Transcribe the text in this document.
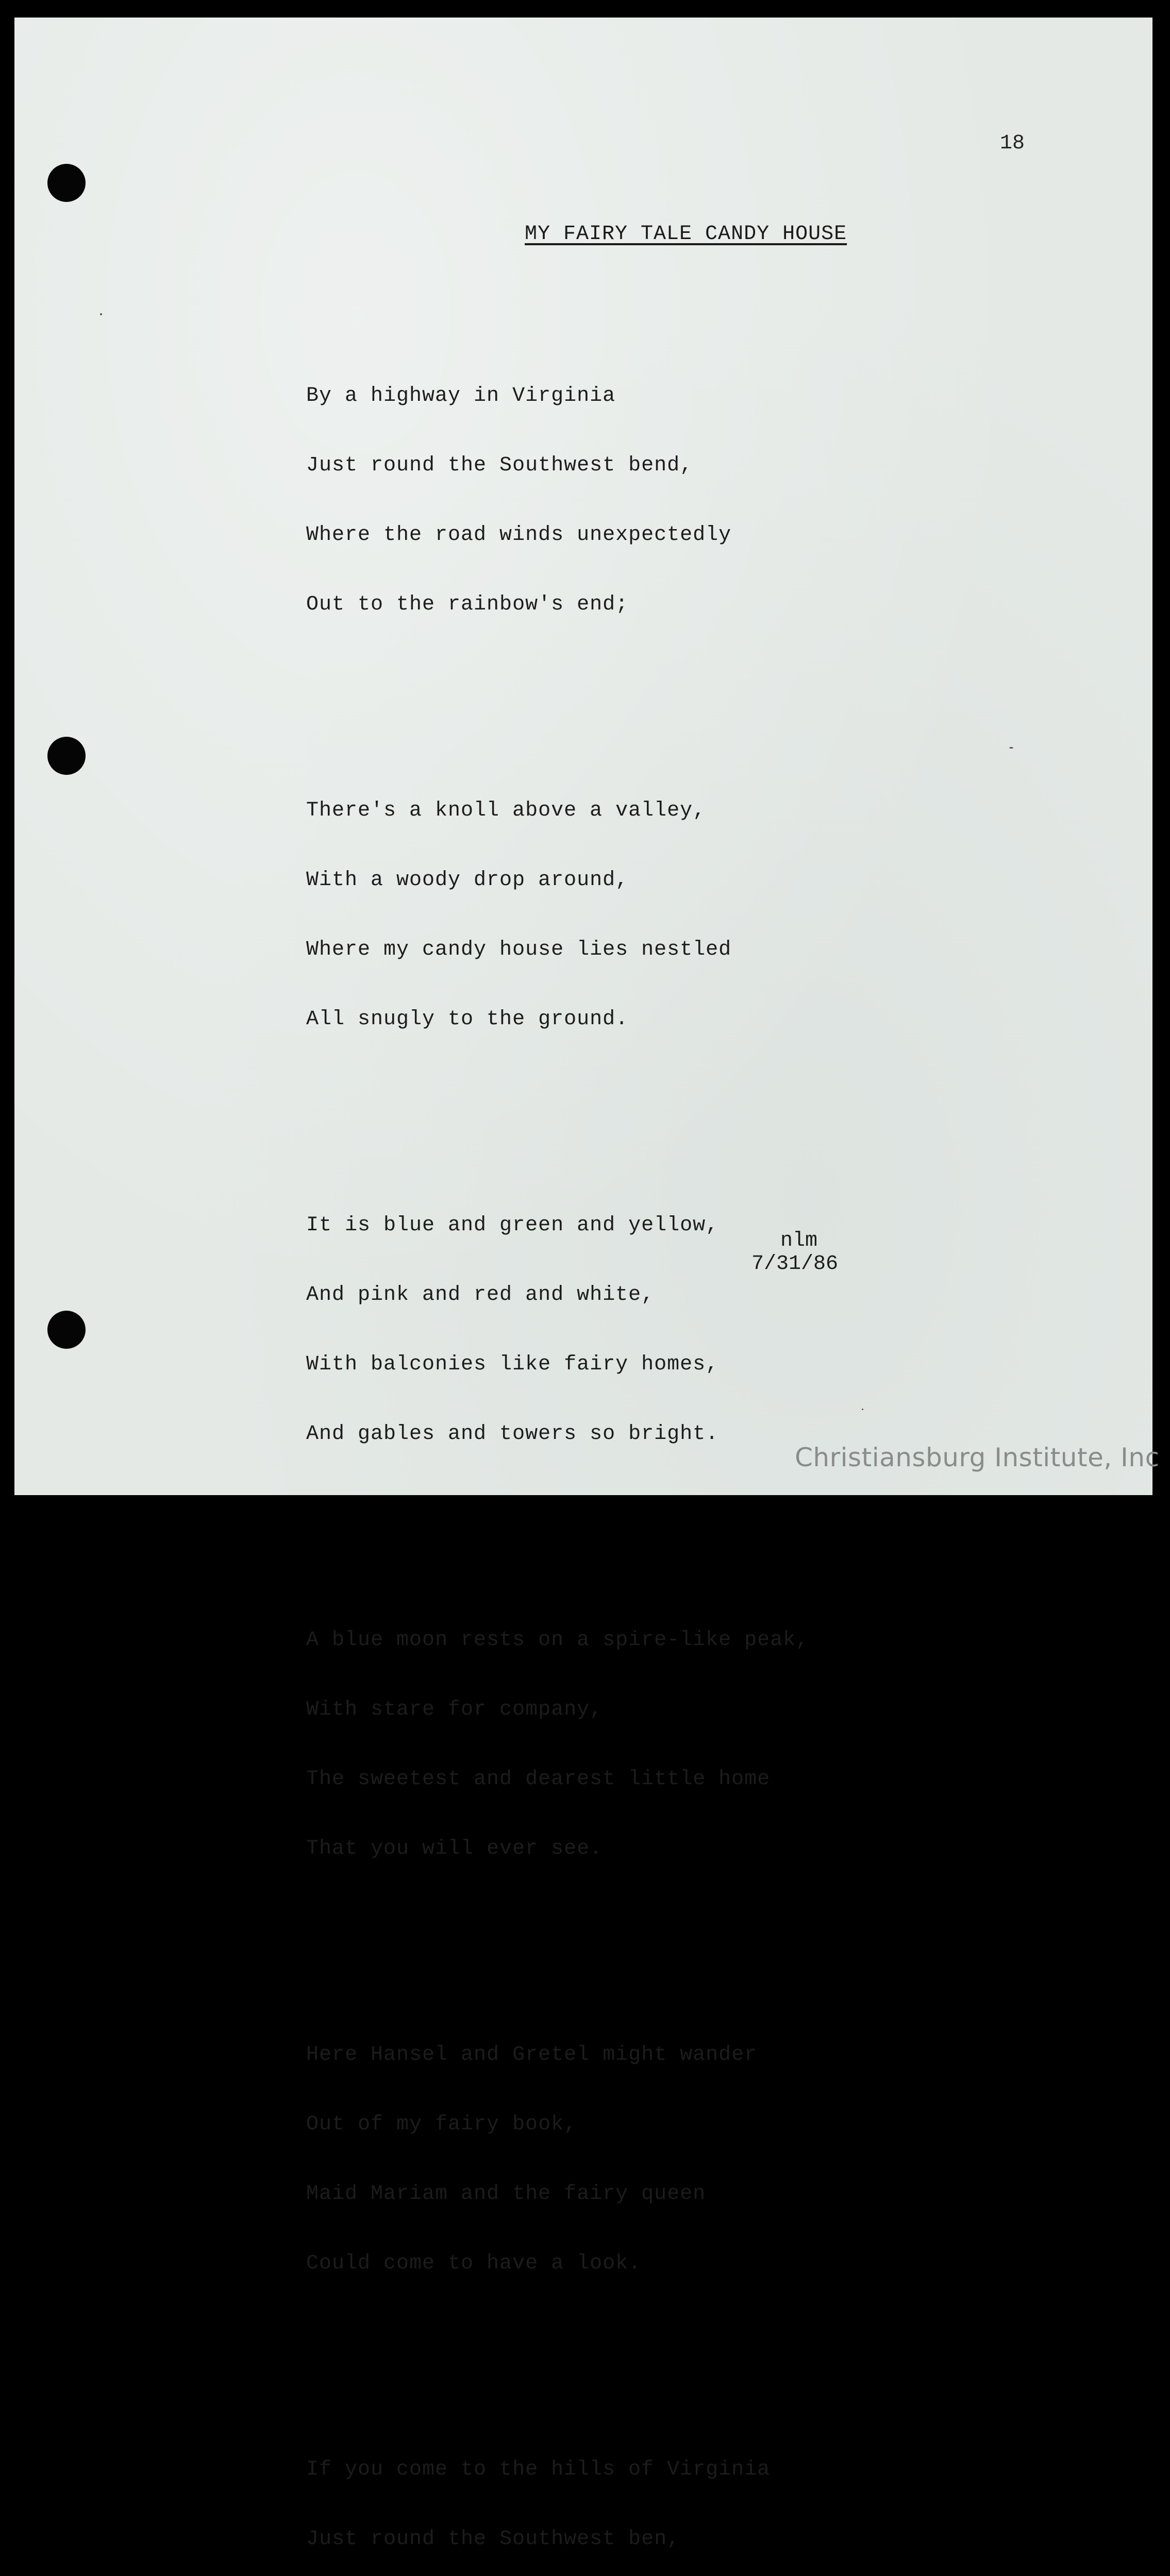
18
MY FAIRY TALE CANDY HOUSE

By a highway in Virginia

Just round the Southwest bend,

Where the road winds unexpectedly

Out to the rainbow's end;

There's a knoll above a valley,

With a woody drop around,

Where my candy house lies nestled

All snugly to the ground.

It is blue and green and yellow,

And pink and red and white,

With balconies like fairy homes,

And gables and towers so bright.

A blue moon rests on a spire-like peak,

With stare for company,

The sweetest and dearest little home

That you will ever see.

Here Hansel and Gretel might wander

Out of my fairy book,

Maid Mariam and the fairy queen

Could come to have a look.

If you come to the hills of Virginia

Just round the Southwest ben,

nlm
7/31/86
Christiansburg Institute, Inc
